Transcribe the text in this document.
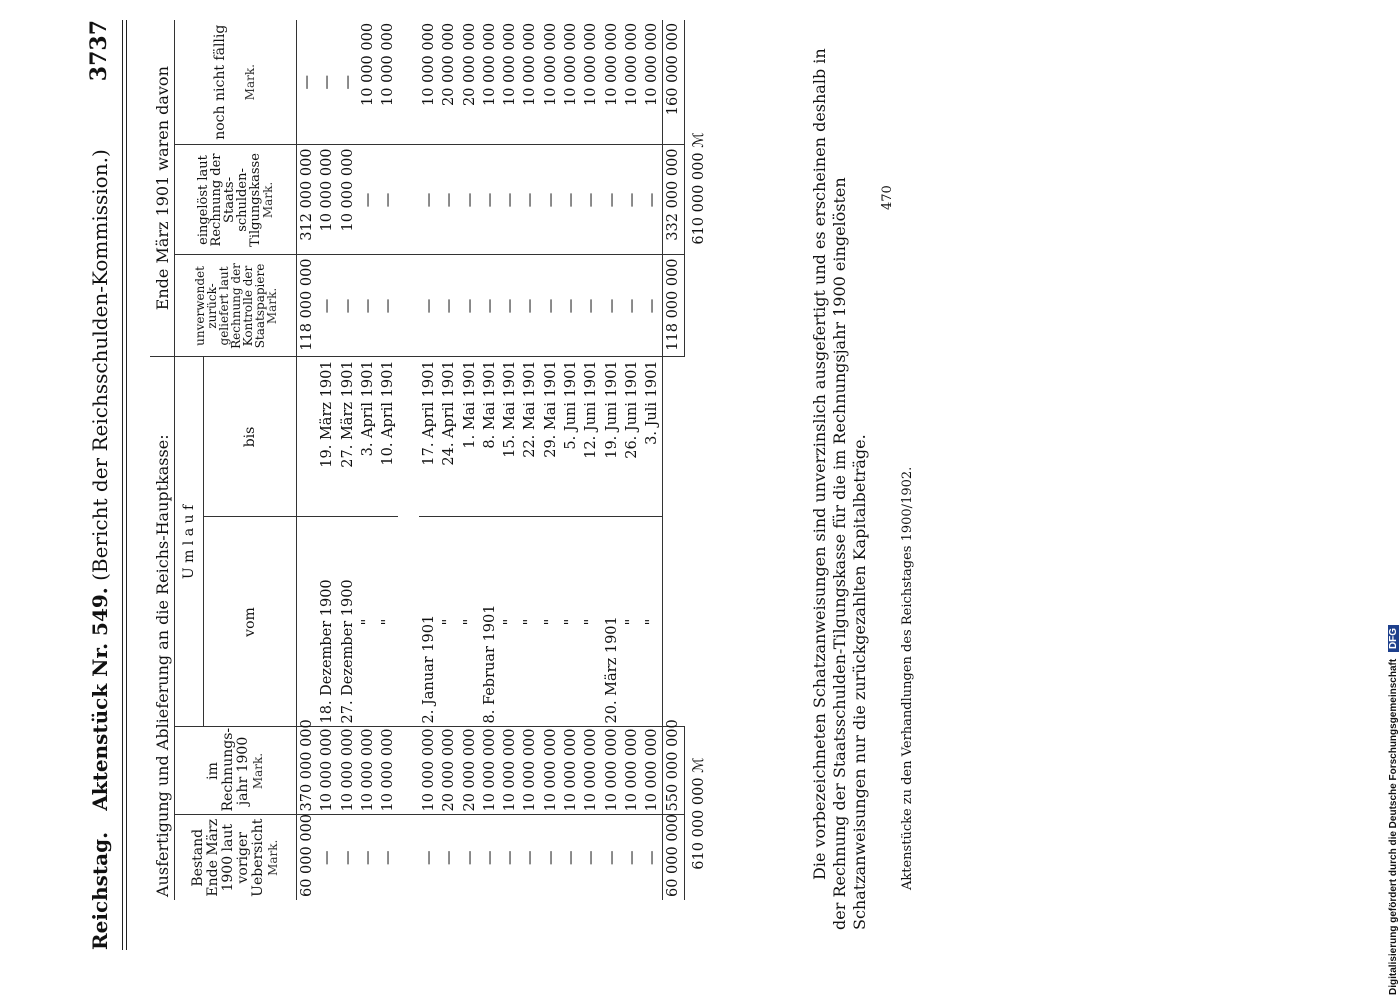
Reichstag.
Aktenstück Nr. 549. (Bericht der Reichsschulden-Kommission.)
3737
Ausfertigung und Ablieferung an die Reichs-Hauptkasse:				Ende März 1901 waren davon		
Bestand Ende März 1900 laut voriger Uebersicht
Mark.	im Rechnungs-jahr 1900
Mark.	U m l a u f		unverwendet zurück-geliefert laut Rechnung der Kontrolle der Staatspapiere
Mark.	eingelöst laut Rechnung der Staats-schulden-Tilgungskasse
Mark.	noch nicht fällig Mark.
		vom	bis			
60 000 000	370 000 000			118 000 000	312 000 000	—
—	10 000 000	18. Dezember 1900	19. März 1901	—	10 000 000	—
—	10 000 000	27. Dezember 1900	27. März 1901	—	10 000 000	—
—	10 000 000	"	3. April 1901	—	—	10 000 000
—	10 000 000	"	10. April 1901	—	—	10 000 000

—	10 000 000	2. Januar 1901	17. April 1901	—	—	10 000 000
—	20 000 000	"	24. April 1901	—	—	20 000 000
—	20 000 000	"	1. Mai 1901	—	—	20 000 000
—	10 000 000	8. Februar 1901	8. Mai 1901	—	—	10 000 000
—	10 000 000	"	15. Mai 1901	—	—	10 000 000
—	10 000 000	"	22. Mai 1901	—	—	10 000 000
—	10 000 000	"	29. Mai 1901	—	—	10 000 000
—	10 000 000	"	5. Juni 1901	—	—	10 000 000
—	10 000 000	"	12. Juni 1901	—	—	10 000 000
—	10 000 000	20. März 1901	19. Juni 1901	—	—	10 000 000
—	10 000 000	"	26. Juni 1901	—	—	10 000 000
—	10 000 000	"	3. Juli 1901	—	—	10 000 000
60 000 000	550 000 000			118 000 000	332 000 000	160 000 000
610 000 000 ℳ				610 000 000 ℳ			Die vorbezeichneten Schatzanweisungen sind unverzinslich ausgefertigt und es erscheinen deshalb in der Rechnung der Staatsschulden-Tilgungskasse für die im Rechnungsjahr 1900 eingelösten Schatzanweisungen nur die zurückgezahlten Kapitalbeträge. Aktenstücke zu den Verhandlungen des Reichstages 1900/1902.
470
Digitalisierung gefördert durch die Deutsche Forschungsgemeinschaft DFG
